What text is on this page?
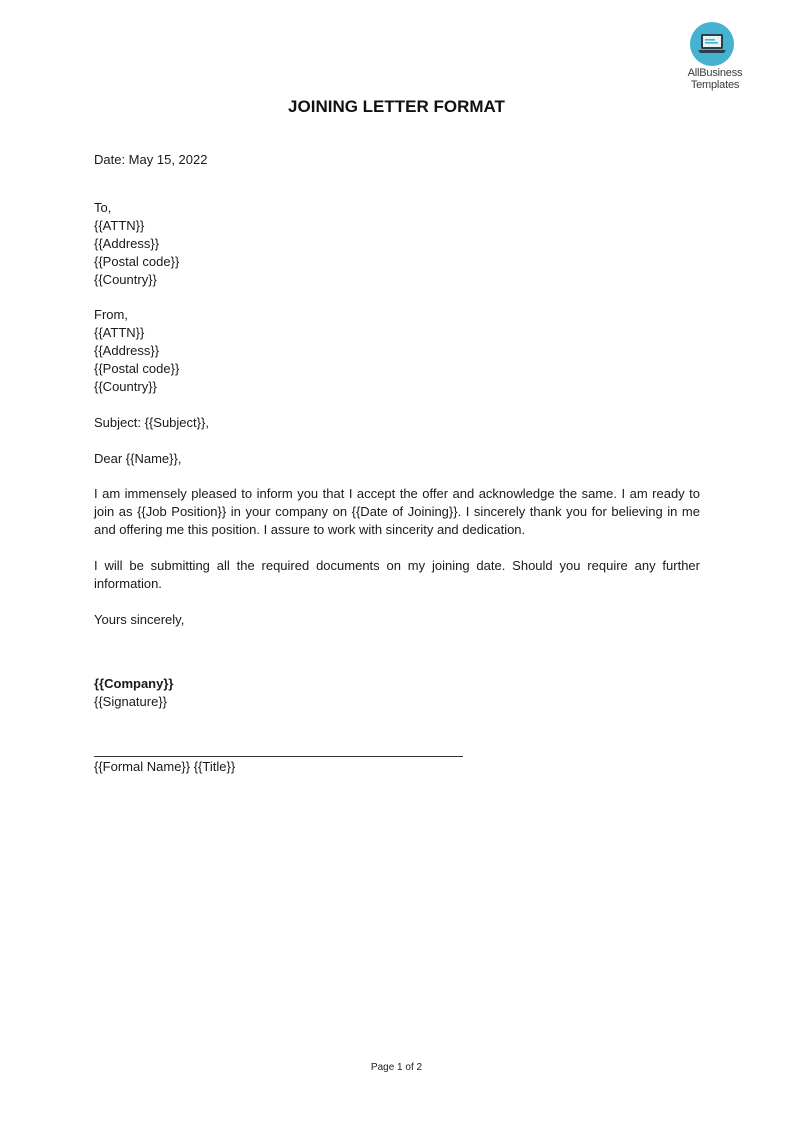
AllBusiness
Templates
JOINING LETTER FORMAT
Date: May 15, 2022
To,
{{ATTN}}
{{Address}}
{{Postal code}}
{{Country}}
From,
{{ATTN}}
{{Address}}
{{Postal code}}
{{Country}}
Subject: {{Subject}},
Dear {{Name}},
I am immensely pleased to inform you that I accept the offer and acknowledge the same. I am ready to join as {{Job Position}} in your company on {{Date of Joining}}. I sincerely thank you for believing in me and offering me this position. I assure to work with sincerity and dedication.
I will be submitting all the required documents on my joining date. Should you require any further information.
Yours sincerely,
{{Company}}
{{Signature}}
{{Formal Name}} {{Title}}
Page 1 of 2
